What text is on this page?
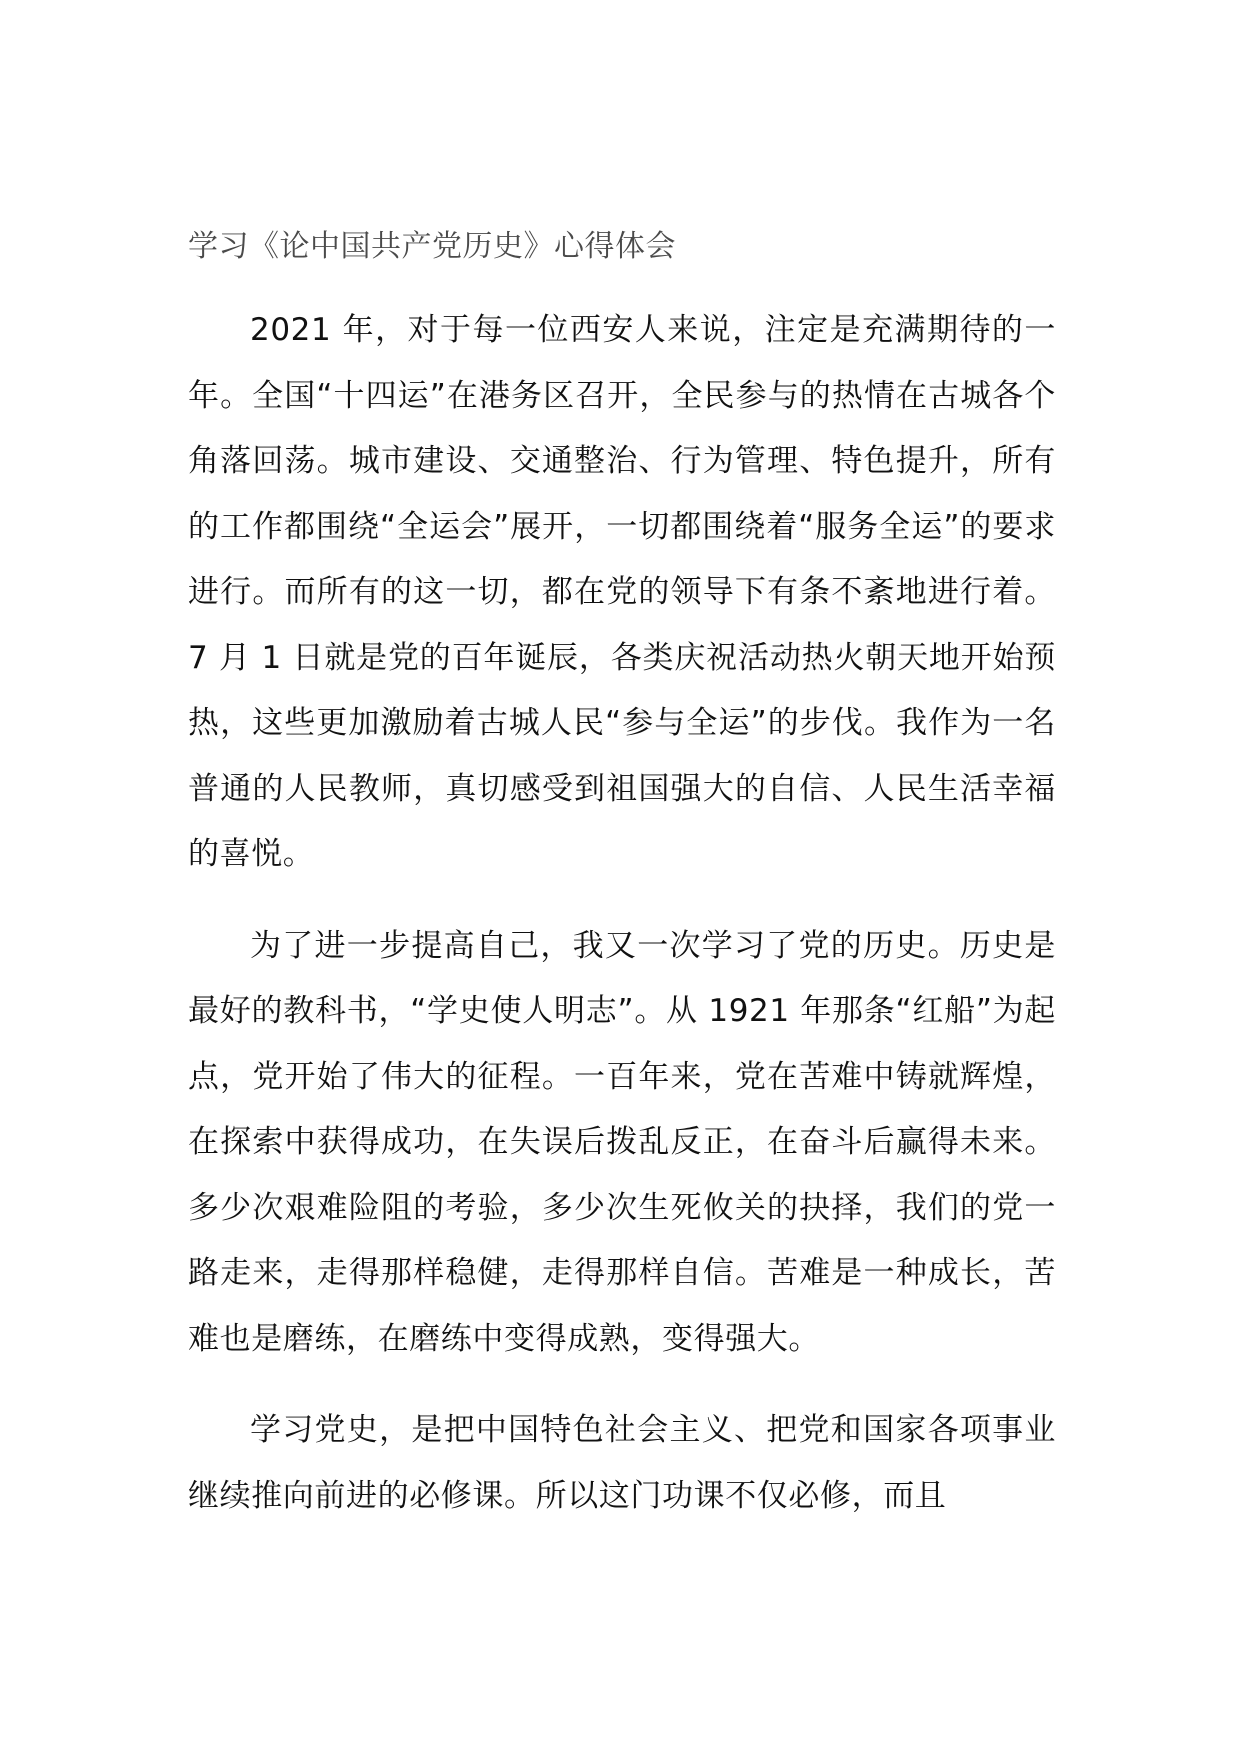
学习《论中国共产党历史》心得体会

2021 年，对于每一位西安人来说，注定是充满期待的一年。全国“十四运”在港务区召开，全民参与的热情在古城各个角落回荡。城市建设、交通整治、行为管理、特色提升，所有的工作都围绕“全运会”展开，一切都围绕着“服务全运”的要求进行。而所有的这一切，都在党的领导下有条不紊地进行着。7 月 1 日就是党的百年诞辰，各类庆祝活动热火朝天地开始预热，这些更加激励着古城人民“参与全运”的步伐。我作为一名普通的人民教师，真切感受到祖国强大的自信、人民生活幸福的喜悦。

为了进一步提高自己，我又一次学习了党的历史。历史是最好的教科书，“学史使人明志”。从 1921 年那条“红船”为起点，党开始了伟大的征程。一百年来，党在苦难中铸就辉煌，在探索中获得成功，在失误后拨乱反正，在奋斗后赢得未来。多少次艰难险阻的考验，多少次生死攸关的抉择，我们的党一路走来，走得那样稳健，走得那样自信。苦难是一种成长，苦难也是磨练，在磨练中变得成熟，变得强大。

学习党史，是把中国特色社会主义、把党和国家各项事业继续推向前进的必修课。所以这门功课不仅必修，而且
